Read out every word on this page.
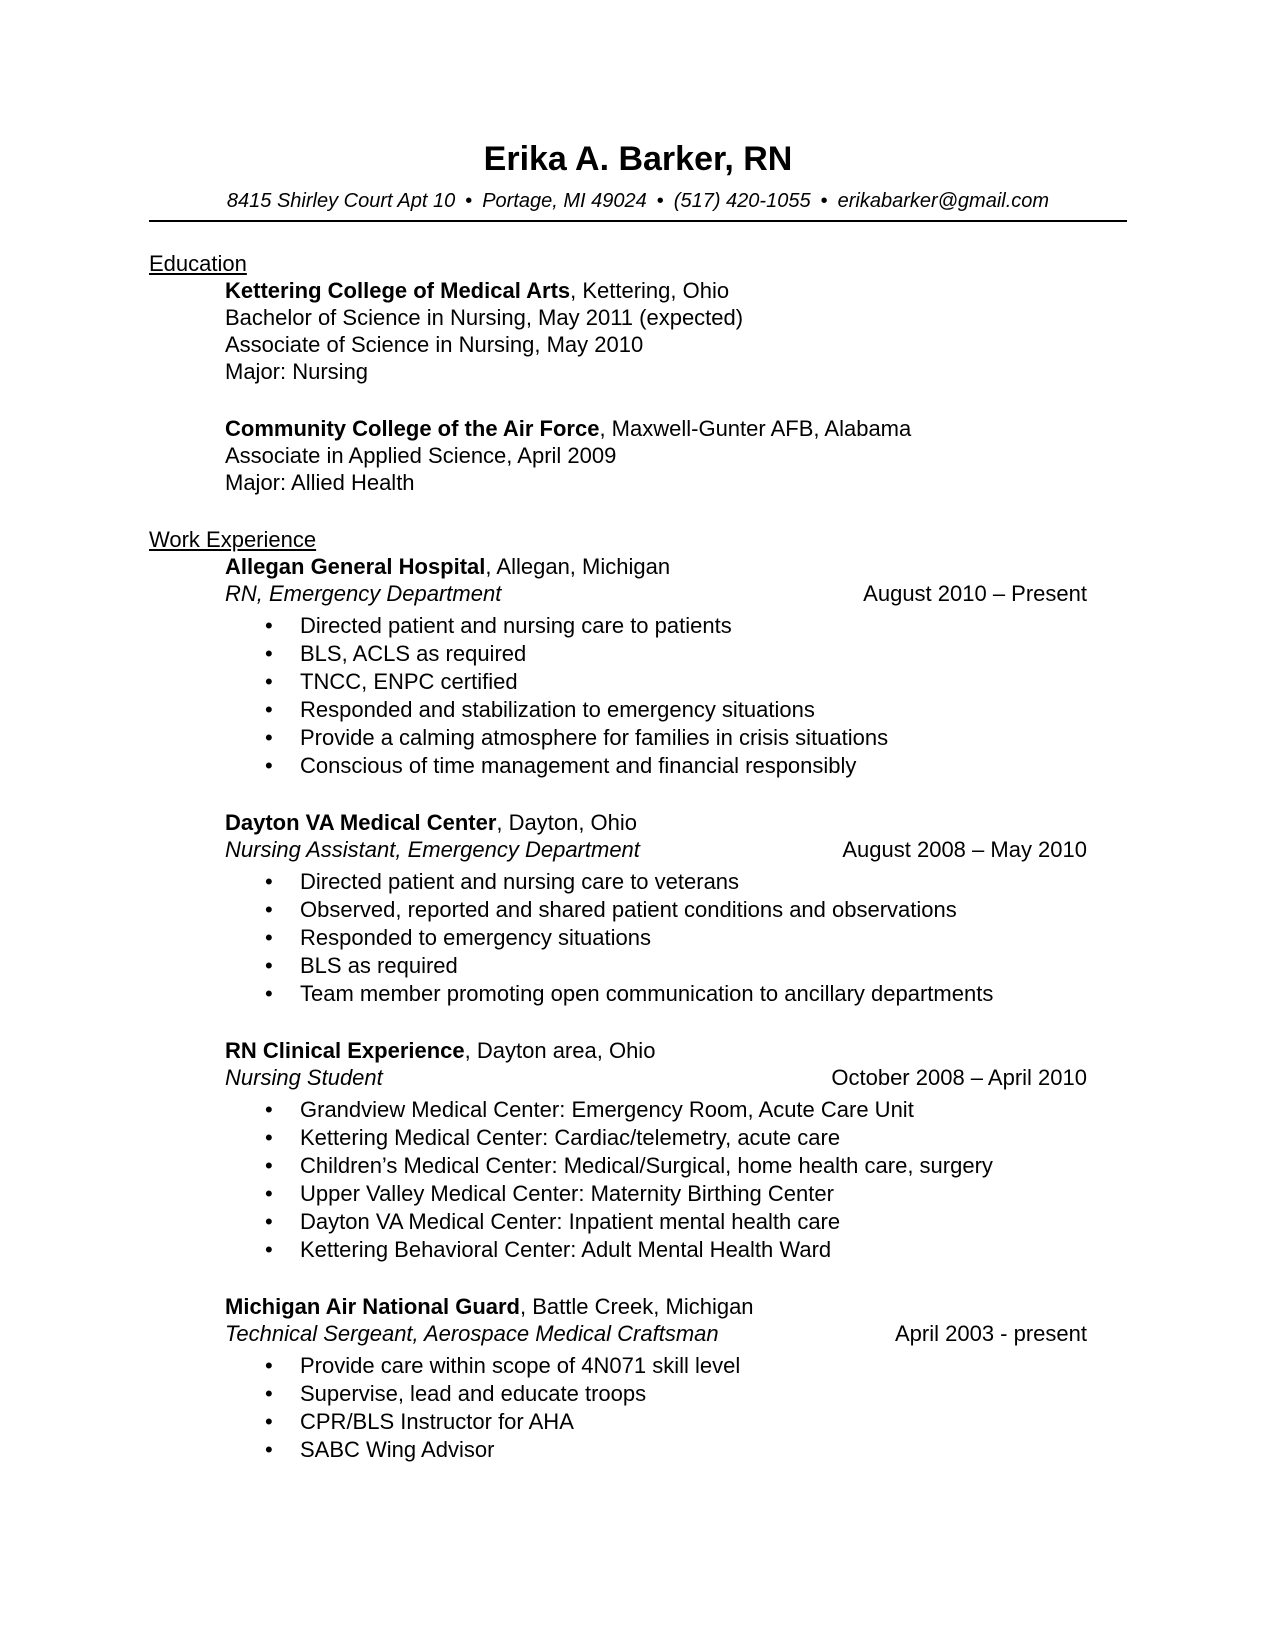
Erika A. Barker, RN
8415 Shirley Court Apt 10 • Portage, MI 49024 • (517) 420-1055 • erikabarker@gmail.com
Education
Kettering College of Medical Arts, Kettering, Ohio
Bachelor of Science in Nursing, May 2011 (expected)
Associate of Science in Nursing, May 2010
Major: Nursing
Community College of the Air Force, Maxwell-Gunter AFB, Alabama
Associate in Applied Science, April 2009
Major: Allied Health
Work Experience
Allegan General Hospital, Allegan, Michigan
RN, Emergency Department	August 2010 – Present
• Directed patient and nursing care to patients
• BLS, ACLS as required
• TNCC, ENPC certified
• Responded and stabilization to emergency situations
• Provide a calming atmosphere for families in crisis situations
• Conscious of time management and financial responsibly
Dayton VA Medical Center, Dayton, Ohio
Nursing Assistant, Emergency Department	August 2008 – May 2010
• Directed patient and nursing care to veterans
• Observed, reported and shared patient conditions and observations
• Responded to emergency situations
• BLS as required
• Team member promoting open communication to ancillary departments
RN Clinical Experience, Dayton area, Ohio
Nursing Student	October 2008 – April 2010
• Grandview Medical Center: Emergency Room, Acute Care Unit
• Kettering Medical Center: Cardiac/telemetry, acute care
• Children’s Medical Center: Medical/Surgical, home health care, surgery
• Upper Valley Medical Center: Maternity Birthing Center
• Dayton VA Medical Center: Inpatient mental health care
• Kettering Behavioral Center: Adult Mental Health Ward
Michigan Air National Guard, Battle Creek, Michigan
Technical Sergeant, Aerospace Medical Craftsman	April 2003 - present
• Provide care within scope of 4N071 skill level
• Supervise, lead and educate troops
• CPR/BLS Instructor for AHA
• SABC Wing Advisor
